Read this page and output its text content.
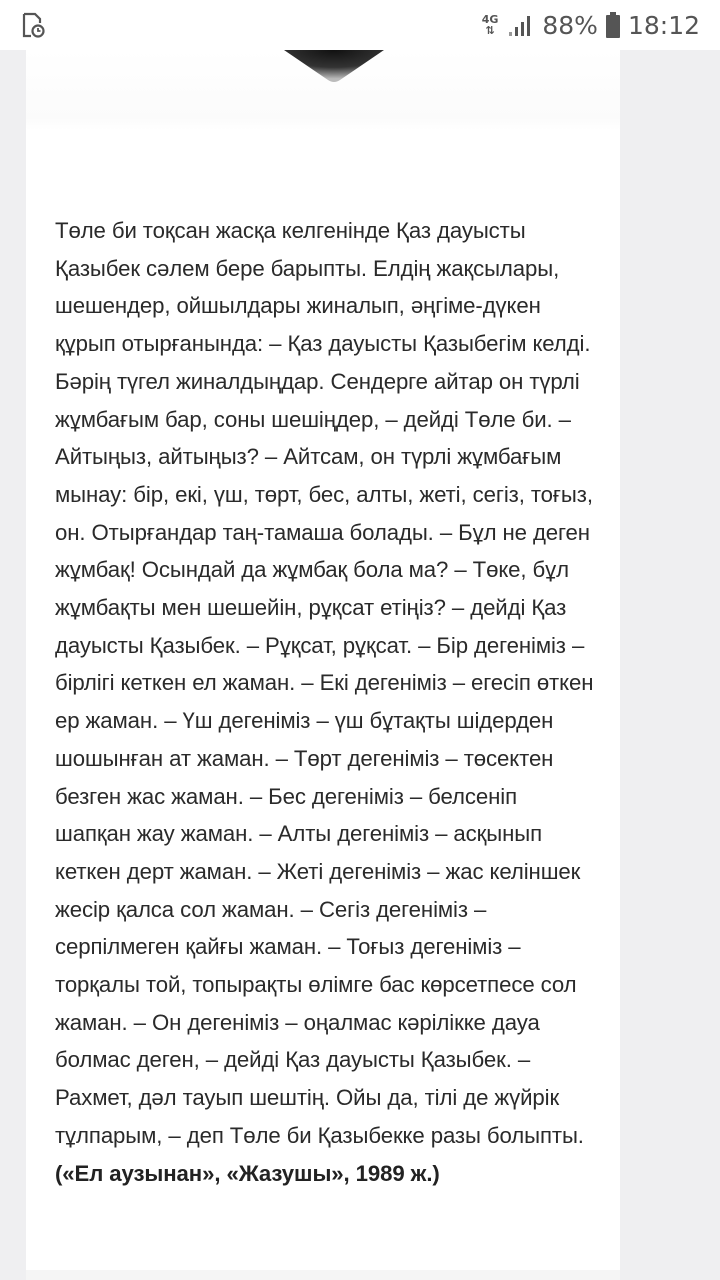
4G
⇅ 88% 18:12

Төле би тоқсан жасқа келгенінде Қаз дауысты Қазыбек сәлем бере барыпты. Елдің жақсылары, шешендер, ойшылдары жиналып, әңгіме-дүкен құрып отырғанында: – Қаз дауысты Қазыбегім келді. Бәрің түгел жиналдыңдар. Сендерге айтар он түрлі жұмбағым бар, соны шешіңдер, – дейді Төле би. – Айтыңыз, айтыңыз? – Айтсам, он түрлі жұмбағым мынау: бір, екі, үш, төрт, бес, алты, жеті, сегіз, тоғыз, он. Отырғандар таң-тамаша болады. – Бұл не деген жұмбақ! Осындай да жұмбақ бола ма? – Төке, бұл жұмбақты мен шешейін, рұқсат етіңіз? – дейді Қаз дауысты Қазыбек. – Рұқсат, рұқсат. – Бір дегеніміз – бірлігі кеткен ел жаман. – Екі дегеніміз – егесіп өткен ер жаман. – Үш дегеніміз – үш бұтақты шідерден шошынған ат жаман. – Төрт дегеніміз – төсектен безген жас жаман. – Бес дегеніміз – белсеніп шапқан жау жаман. – Алты дегеніміз – асқынып кеткен дерт жаман. – Жеті дегеніміз – жас келіншек жесір қалса сол жаман. – Сегіз дегеніміз – серпілмеген қайғы жаман. – Тоғыз дегеніміз – торқалы той, топырақты өлімге бас көрсетпесе сол жаман. – Он дегеніміз – оңалмас кәрілікке дауа болмас деген, – дейді Қаз дауысты Қазыбек. – Рахмет, дәл тауып шештің. Ойы да, тілі де жүйрік тұлпарым, – деп Төле би Қазыбекке разы болыпты. («Ел аузынан», «Жазушы», 1989 ж.)
